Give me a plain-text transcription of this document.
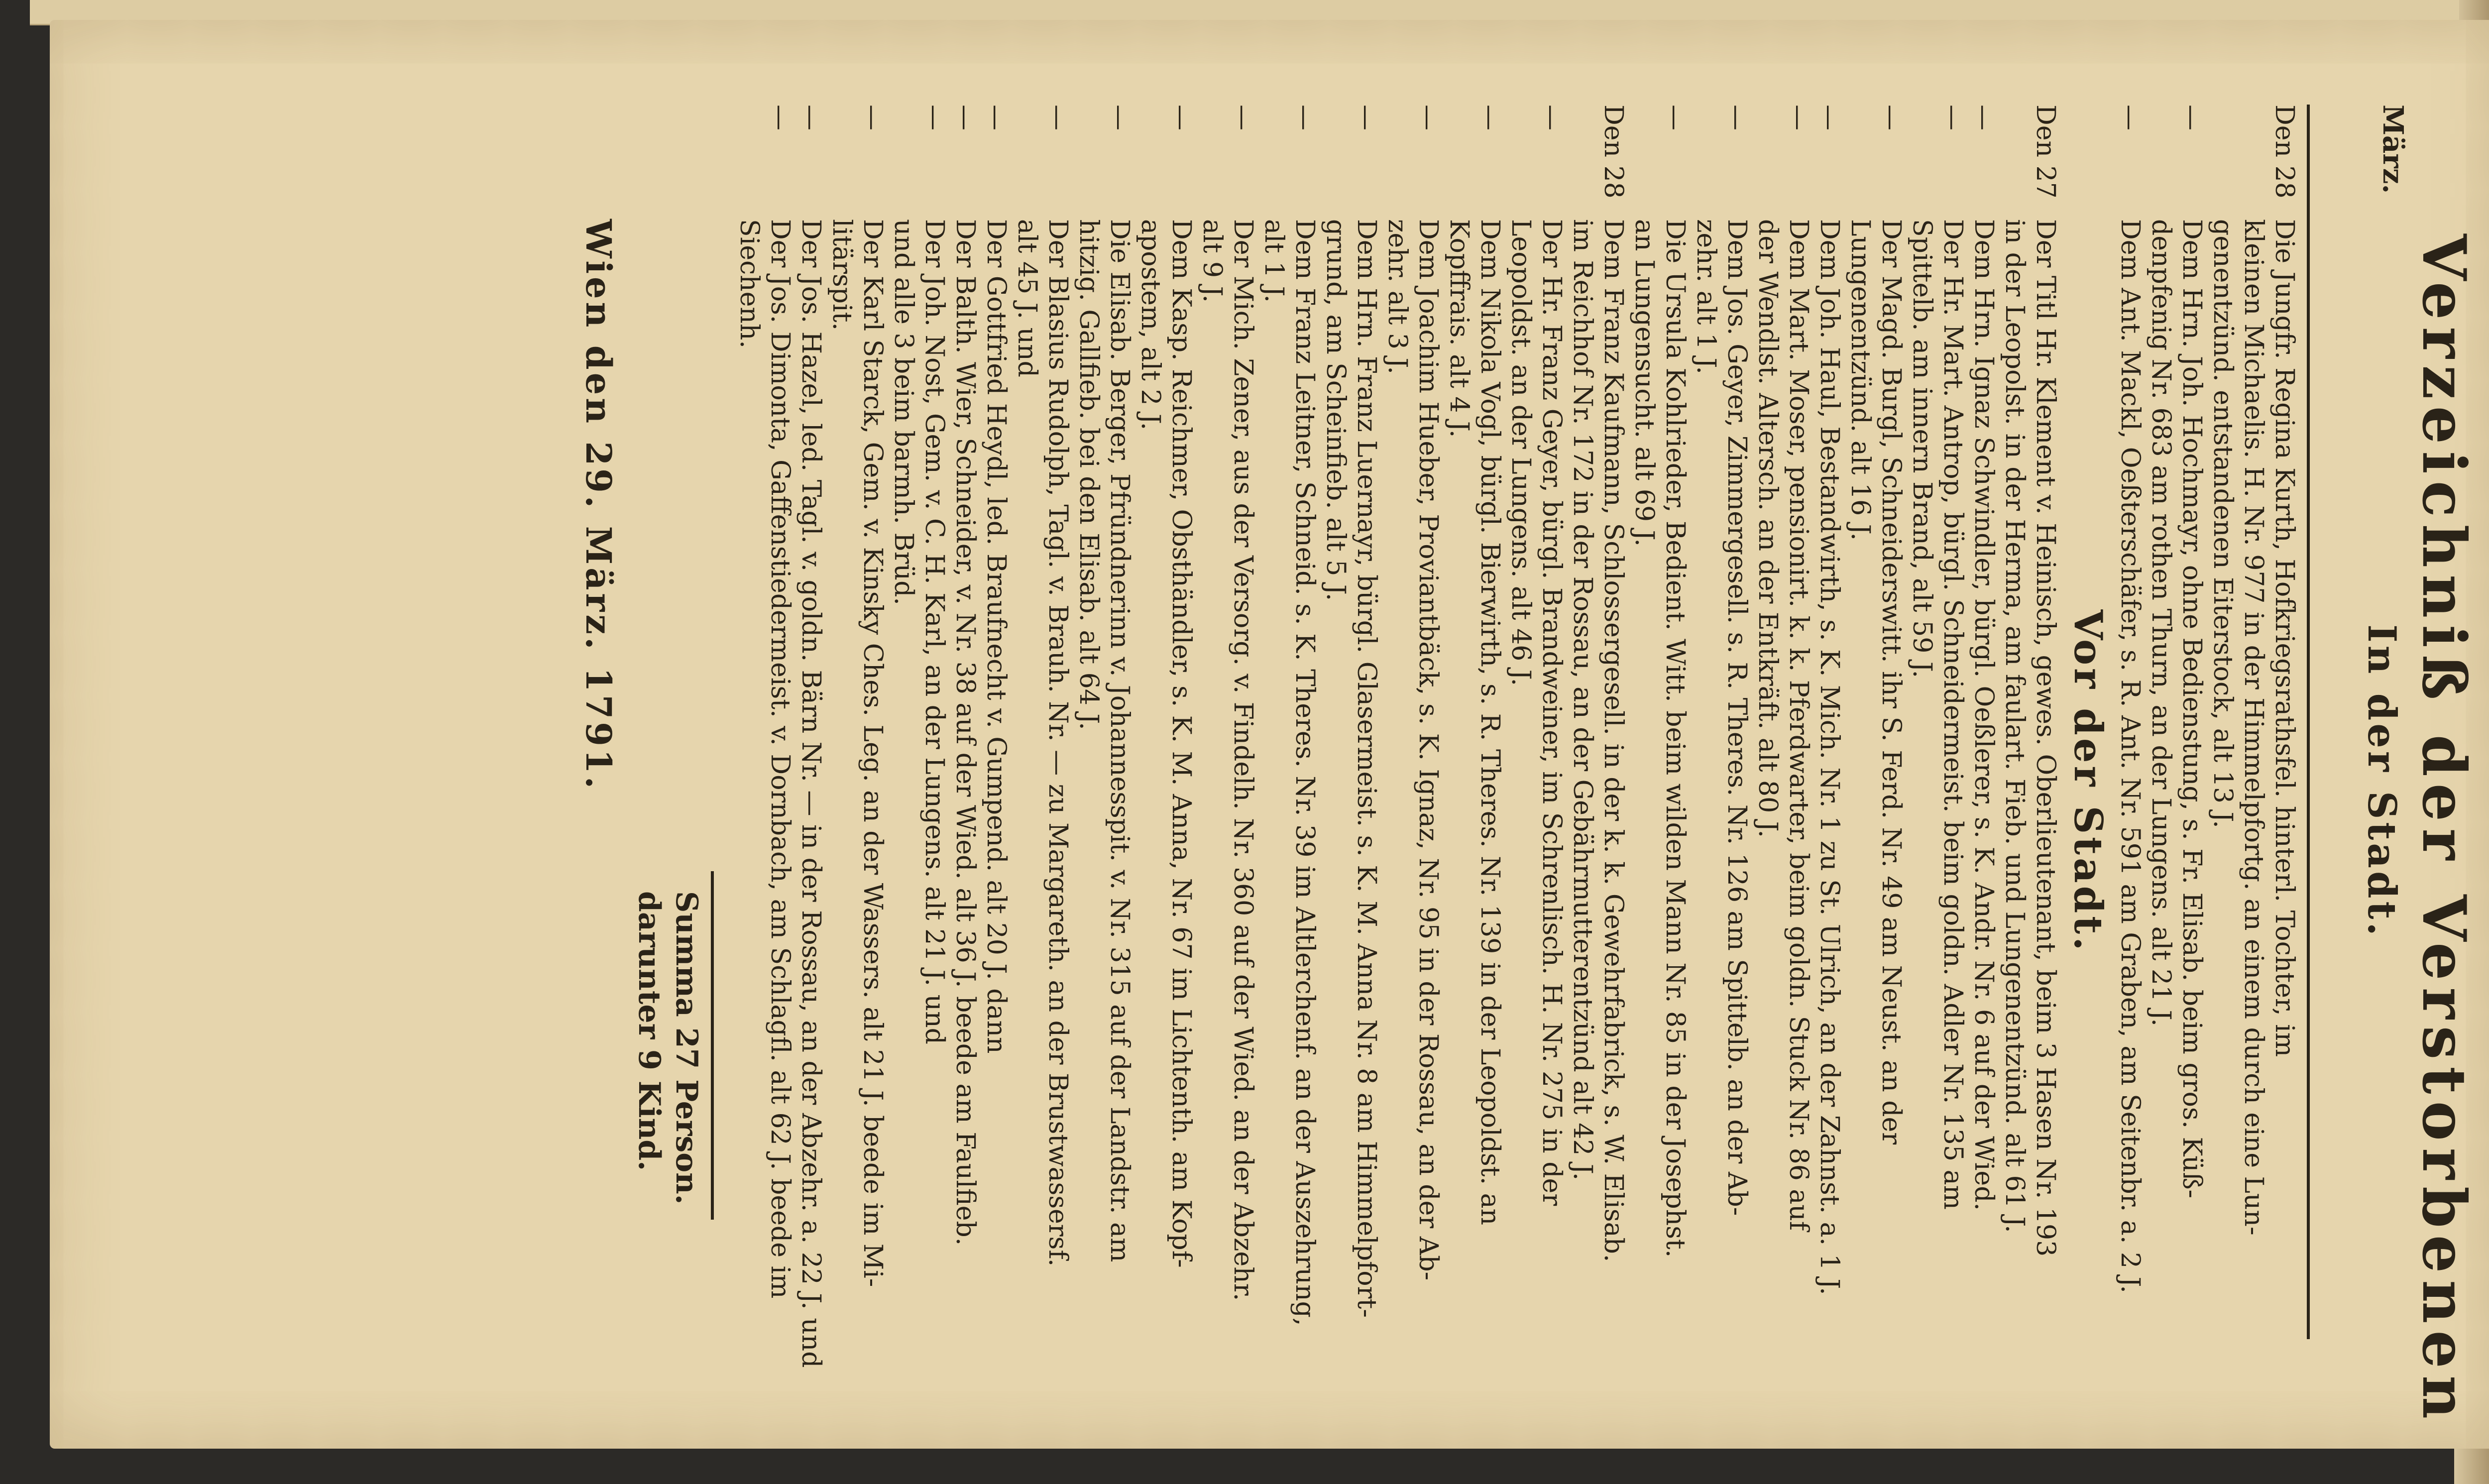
März.
Verzeichniß der Verstorbenen
In der Stadt.
Den 28Die Jungfr. Regina Kurth, Hofkriegsrathsfel. hinterl. Tochter, im
kleinen Michaelis. H. Nr. 977 in der Himmelpfortg. an einem durch eine Lun-
genentzünd. entstandenen Eiterstock, alt 13 J.
—Dem Hrn. Joh. Hochmayr, ohne Bedienstung, s. Fr. Elisab. beim gros. Küß-
denpfenig Nr. 683 am rothen Thurn, an der Lungens. alt 21 J.
—Dem Ant. Mackl, Oeßterschäfer, s. R. Ant. Nr. 591 am Graben, am Seitenbr. a. 2 J.
Vor der Stadt.
Den 27Der Titl Hr. Klement v. Heinisch, gewes. Oberlieutenant, beim 3 Hasen Nr. 193
in der Leopolst. in der Herma, am faulart. Fieb. und Lungenentzünd. alt 61 J.
—Dem Hrn. Ignaz Schwindler, bürgl. Oeßlerer, s. K. Andr. Nr. 6 auf der Wied.
—Der Hr. Mart. Antrop, bürgl. Schneidermeist. beim goldn. Adler Nr. 135 am
Spittelb. am innern Brand, alt 59 J.
—Der Magd. Burgl, Schneiderswitt. ihr S. Ferd. Nr. 49 am Neust. an der
Lungenentzünd. alt 16 J.
—Dem Joh. Haul, Bestandwirth, s. K. Mich. Nr. 1 zu St. Ulrich, an der Zahnst. a. 1 J.
—Dem Mart. Moser, pensionirt. k. k. Pferdwarter, beim goldn. Stuck Nr. 86 auf
der Wendlst. Altersch. an der Entkräft. alt 80 J.
—Dem Jos. Geyer, Zimmergesell. s. R. Theres. Nr. 126 am Spittelb. an der Ab-
zehr. alt 1 J.
—Die Ursula Kohlrieder, Bedient. Witt. beim wilden Mann Nr. 85 in der Josephst.
an Lungensucht. alt 69 J.
Den 28Dem Franz Kaufmann, Schlossergesell. in der k. k. Gewehrfabrick, s. W. Elisab.
im Reichhof Nr. 172 in der Rossau, an der Gebährmutterentzünd alt 42 J.
—Der Hr. Franz Geyer, bürgl. Brandweiner, im Schrenlisch. H. Nr. 275 in der
Leopoldst. an der Lungens. alt 46 J.
—Dem Nikola Vogl, bürgl. Bierwirth, s. R. Theres. Nr. 139 in der Leopoldst. an
Kopffrais. alt 4 J.
—Dem Joachim Hueber, Proviantbäck, s. K. Ignaz, Nr. 95 in der Rossau, an der Ab-
zehr. alt 3 J.
—Dem Hrn. Franz Luernayr, bürgl. Glasermeist. s. K. M. Anna Nr. 8 am Himmelpfort-
grund, am Scheinfieb. alt 5 J.
—Dem Franz Leitner, Schneid. s. K. Theres. Nr. 39 im Altlerchenf. an der Auszehrung,
alt 1 J.
—Der Mich. Zener, aus der Versorg. v. Findelh. Nr. 360 auf der Wied. an der Abzehr.
alt 9 J.
—Dem Kasp. Reichmer, Obsthändler, s. K. M. Anna, Nr. 67 im Lichtenth. am Kopf-
apostem, alt 2 J.
—Die Elisab. Berger, Pfründnerinn v. Johannesspit. v. Nr. 315 auf der Landstr. am
hitzig. Gallfieb. bei den Elisab. alt 64 J.
—Der Blasius Rudolph, Tagl. v. Brauh. Nr. — zu Margareth. an der Brustwassersf.
alt 45 J. und
—Der Gottfried Heydl, led. Braufnecht v. Gumpend. alt 20 J. dann
—Der Balth. Wier, Schneider, v. Nr. 38 auf der Wied. alt 36 J. beede am Faulfieb.
—Der Joh. Nost, Gem. v. C. H. Karl, an der Lungens. alt 21 J. und
und alle 3 beim barmh. Brüd.
—Der Karl Starck, Gem. v. Kinsky Ches. Leg. an der Wassers. alt 21 J. beede im Mi-
litärspit.
—Der Jos. Hazel, led. Tagl. v. goldn. Bärn Nr. — in der Rossau, an der Abzehr. a. 22 J. und
—Der Jos. Dimonta, Gaffenstiedermeist. v. Dornbach, am Schlagfl. alt 62 J. beede im
Siechenh.
Summa 27 Person.
darunter 9 Kind.
Wien den 29. März. 1791.
